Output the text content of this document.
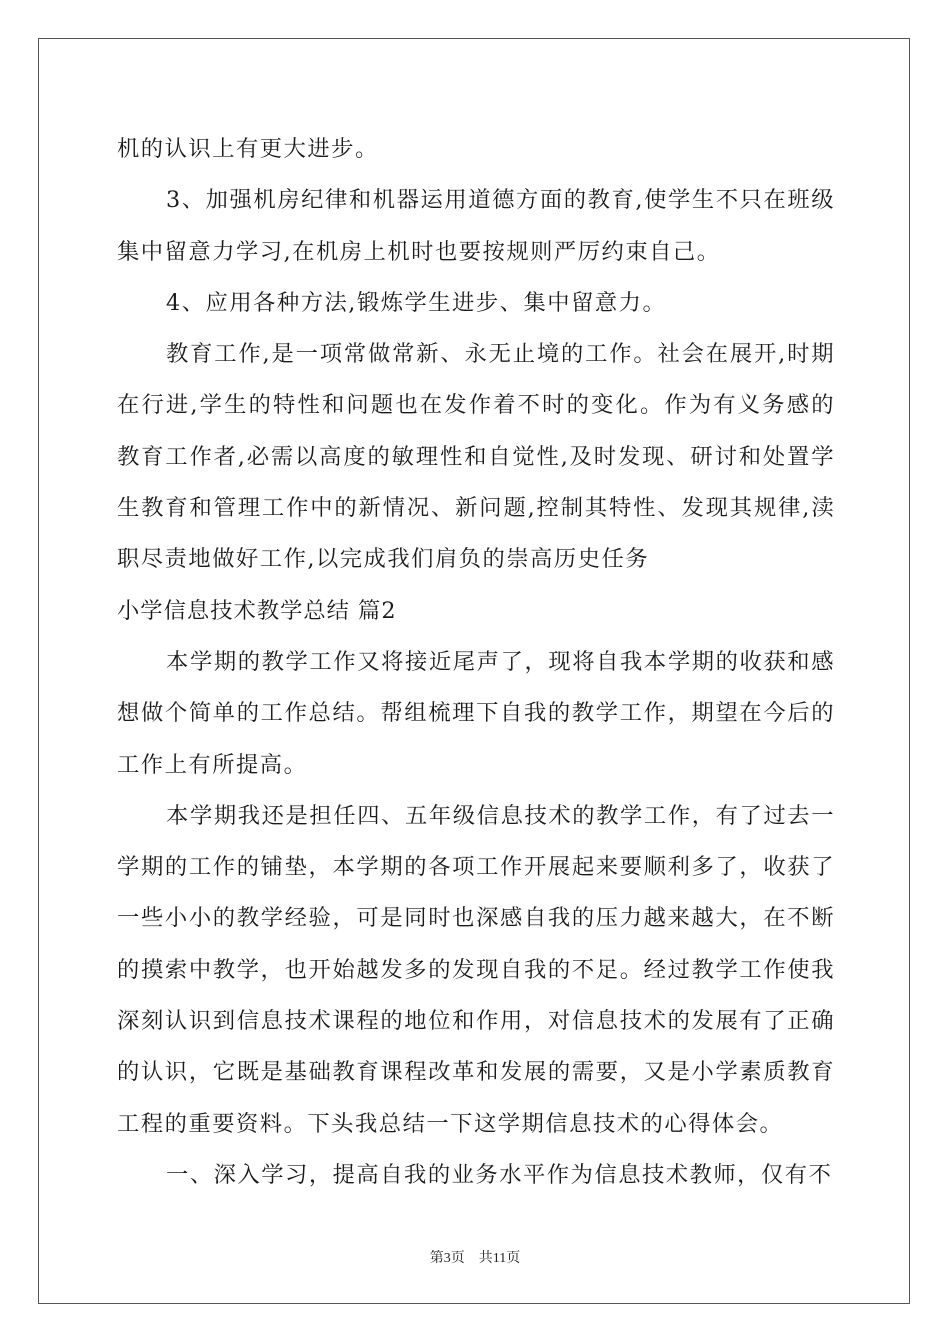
机的认识上有更大进步。

3、加强机房纪律和机器运用道德方面的教育,使学生不只在班级集中留意力学习,在机房上机时也要按规则严厉约束自己。

4、应用各种方法,锻炼学生进步、集中留意力。

教育工作,是一项常做常新、永无止境的工作。社会在展开,时期在行进,学生的特性和问题也在发作着不时的变化。作为有义务感的教育工作者,必需以高度的敏理性和自觉性,及时发现、研讨和处置学生教育和管理工作中的新情况、新问题,控制其特性、发现其规律,渎职尽责地做好工作,以完成我们肩负的崇高历史任务

小学信息技术教学总结 篇2

本学期的教学工作又将接近尾声了，现将自我本学期的收获和感想做个简单的工作总结。帮组梳理下自我的教学工作，期望在今后的工作上有所提高。

本学期我还是担任四、五年级信息技术的教学工作，有了过去一学期的工作的铺垫，本学期的各项工作开展起来要顺利多了，收获了一些小小的教学经验，可是同时也深感自我的压力越来越大，在不断的摸索中教学，也开始越发多的发现自我的不足。经过教学工作使我深刻认识到信息技术课程的地位和作用，对信息技术的发展有了正确的认识，它既是基础教育课程改革和发展的需要，又是小学素质教育工程的重要资料。下头我总结一下这学期信息技术的心得体会。

一、深入学习，提高自我的业务水平作为信息技术教师，仅有不

第3页 共11页
